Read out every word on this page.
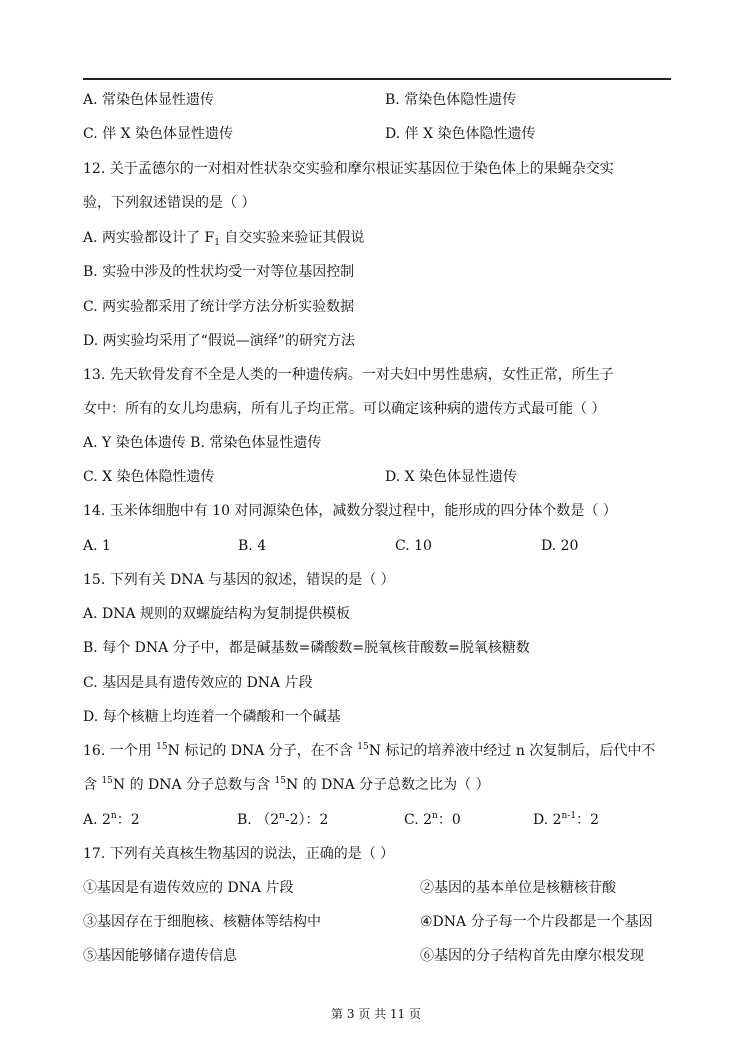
A. 常染色体显性遗传	B. 常染色体隐性遗传
C. 伴 X 染色体显性遗传	D. 伴 X 染色体隐性遗传
12. 关于孟德尔的一对相对性状杂交实验和摩尔根证实基因位于染色体上的果蝇杂交实
验，下列叙述错误的是（ ）
A. 两实验都设计了 $F_1$ 自交实验来验证其假说
B. 实验中涉及的性状均受一对等位基因控制
C. 两实验都采用了统计学方法分析实验数据
D. 两实验均采用了“假说—演绎”的研究方法
13. 先天软骨发育不全是人类的一种遗传病。一对夫妇中男性患病，女性正常，所生子
女中：所有的女儿均患病，所有儿子均正常。可以确定该种病的遗传方式最可能（ ）
A. Y 染色体遗传 B. 常染色体显性遗传
C. X 染色体隐性遗传	D. X 染色体显性遗传
14. 玉米体细胞中有 10 对同源染色体，减数分裂过程中，能形成的四分体个数是（ ）
A. 1	B. 4	C. 10	D. 20
15. 下列有关 DNA 与基因的叙述，错误的是（ ）
A. DNA 规则的双螺旋结构为复制提供模板
B. 每个 DNA 分子中，都是碱基数=磷酸数=脱氧核苷酸数=脱氧核糖数
C. 基因是具有遗传效应的 DNA 片段
D. 每个核糖上均连着一个磷酸和一个碱基
16. 一个用 $^{15}$N 标记的 DNA 分子，在不含 $^{15}$N 标记的培养液中经过 n 次复制后，后代中不
含 $^{15}$N 的 DNA 分子总数与含 $^{15}$N 的 DNA 分子总数之比为（ ）
A. 2$^n$：2	B. （2$^n$-2）：2	C. 2$^n$：0	D. 2$^{n-1}$：2
17. 下列有关真核生物基因的说法，正确的是（ ）
①基因是有遗传效应的 DNA 片段	②基因的基本单位是核糖核苷酸
③基因存在于细胞核、核糖体等结构中	④DNA 分子每一个片段都是一个基因
⑤基因能够储存遗传信息	⑥基因的分子结构首先由摩尔根发现
第 3 页 共 11 页
